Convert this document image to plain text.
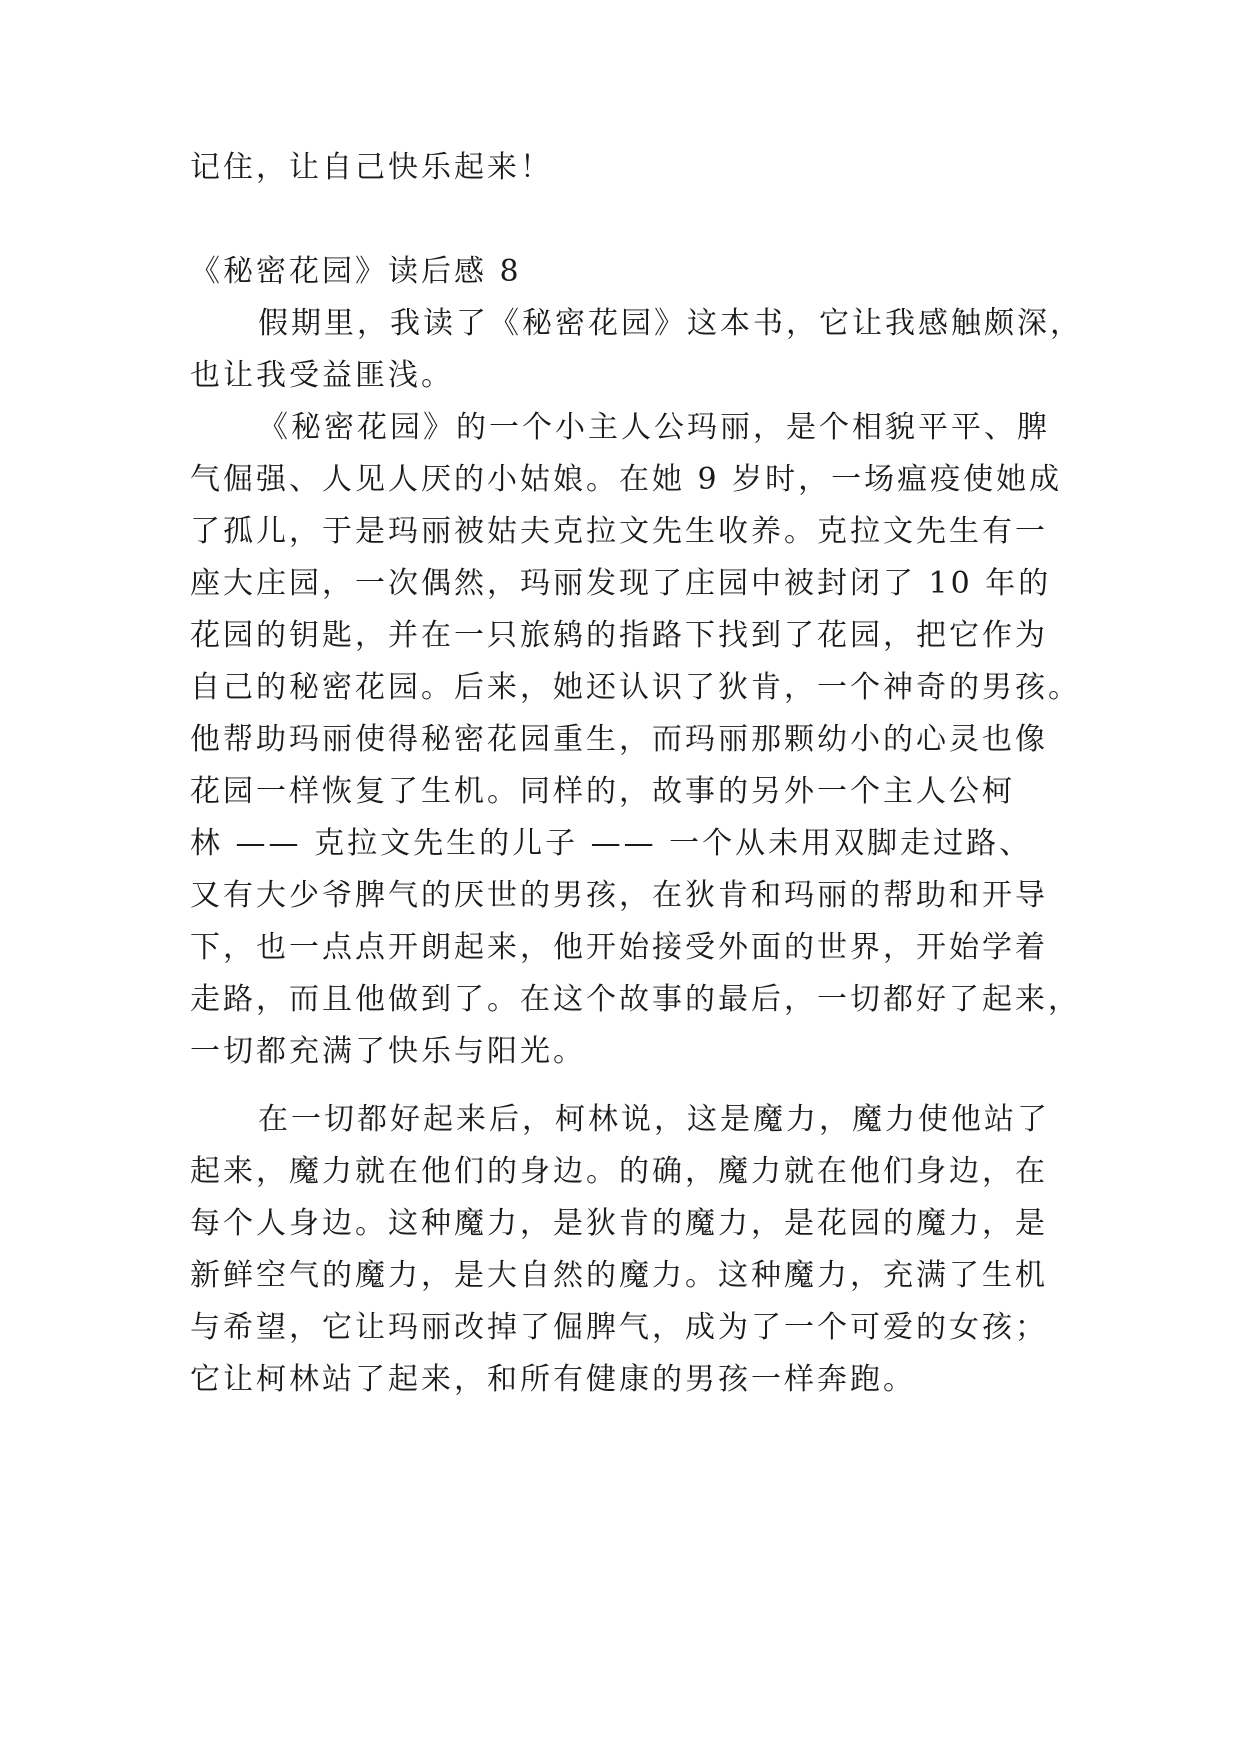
记住，让自己快乐起来！

《秘密花园》读后感 8

假期里，我读了《秘密花园》这本书，它让我感触颇深，

也让我受益匪浅。

《秘密花园》的一个小主人公玛丽，是个相貌平平、脾

气倔强、人见人厌的小姑娘。在她 9 岁时，一场瘟疫使她成

了孤儿，于是玛丽被姑夫克拉文先生收养。克拉文先生有一

座大庄园，一次偶然，玛丽发现了庄园中被封闭了 10 年的

花园的钥匙，并在一只旅鸫的指路下找到了花园，把它作为

自己的秘密花园。后来，她还认识了狄肯，一个神奇的男孩。

他帮助玛丽使得秘密花园重生，而玛丽那颗幼小的心灵也像

花园一样恢复了生机。同样的，故事的另外一个主人公柯

林 —— 克拉文先生的儿子 —— 一个从未用双脚走过路、

又有大少爷脾气的厌世的男孩，在狄肯和玛丽的帮助和开导

下，也一点点开朗起来，他开始接受外面的世界，开始学着

走路，而且他做到了。在这个故事的最后，一切都好了起来，

一切都充满了快乐与阳光。

在一切都好起来后，柯林说，这是魔力，魔力使他站了

起来，魔力就在他们的身边。的确，魔力就在他们身边，在

每个人身边。这种魔力，是狄肯的魔力，是花园的魔力，是

新鲜空气的魔力，是大自然的魔力。这种魔力，充满了生机

与希望，它让玛丽改掉了倔脾气，成为了一个可爱的女孩；

它让柯林站了起来，和所有健康的男孩一样奔跑。
